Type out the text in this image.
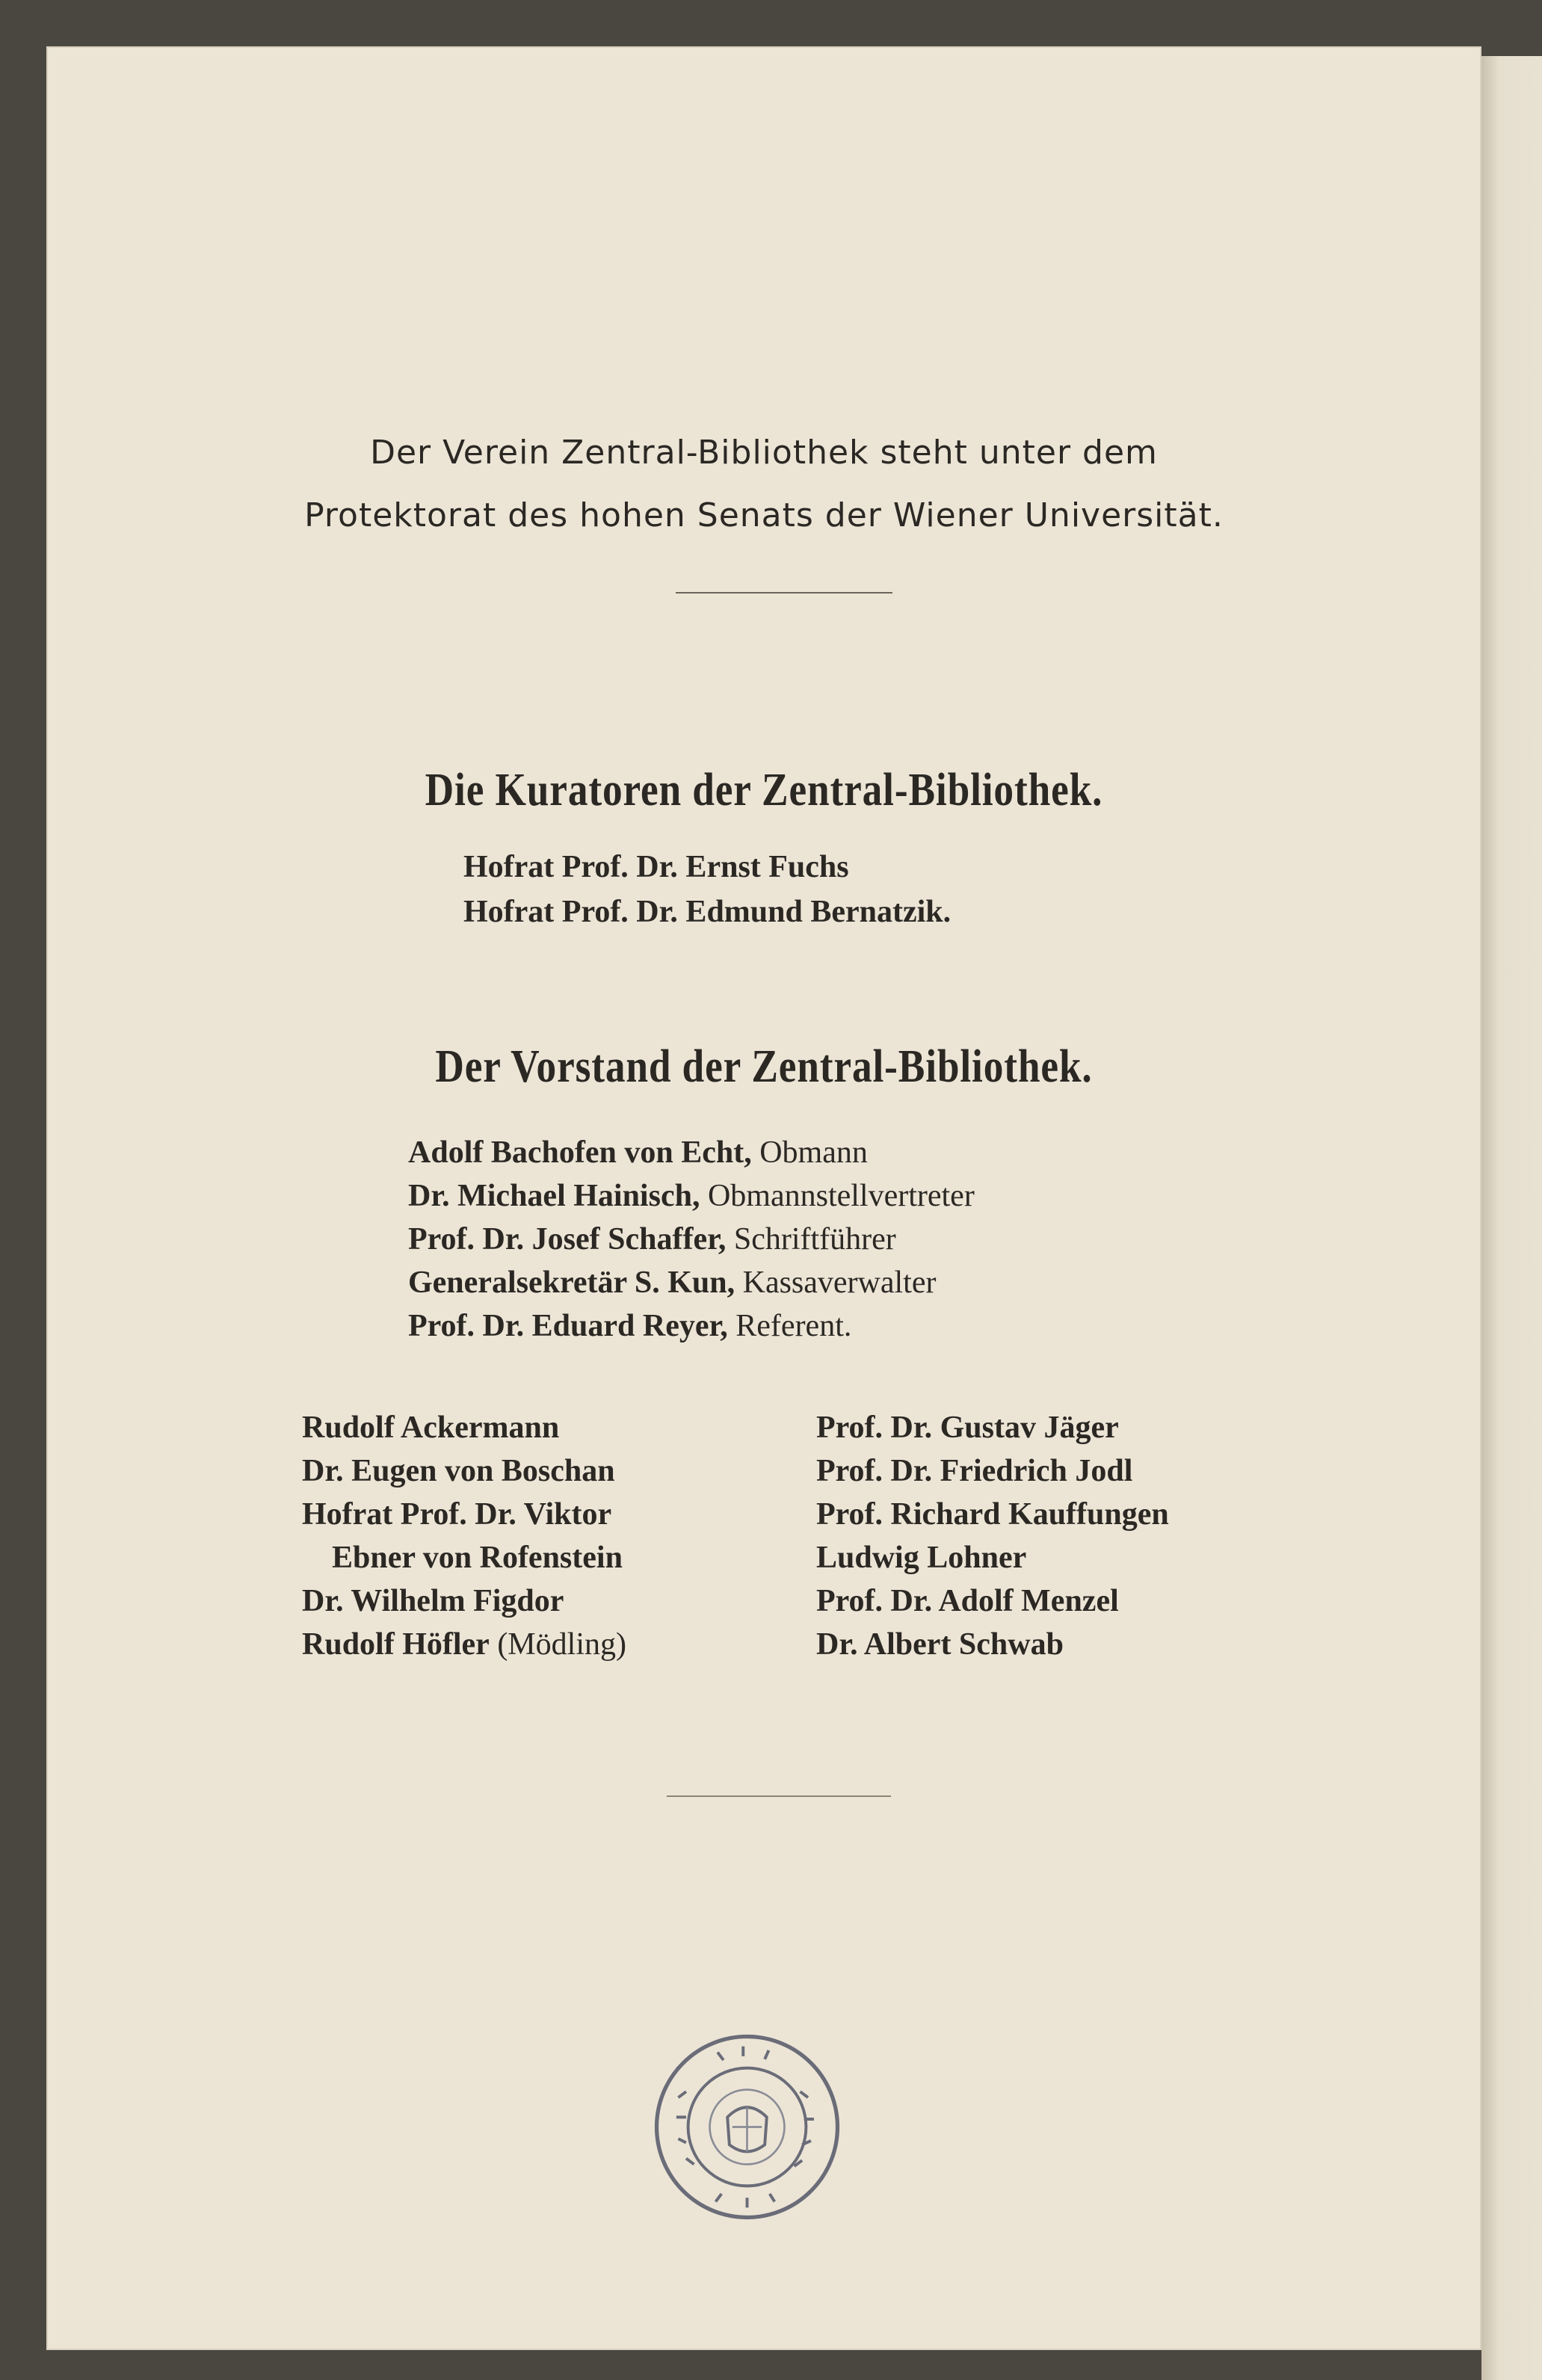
Der Verein Zentral-Bibliothek steht unter dem
Protektorat des hohen Senats der Wiener Universität.
Die Kuratoren der Zentral-Bibliothek.
Hofrat Prof. Dr. Ernst Fuchs
Hofrat Prof. Dr. Edmund Bernatzik.
Der Vorstand der Zentral-Bibliothek.
Adolf Bachofen von Echt, Obmann
Dr. Michael Hainisch, Obmannstellvertreter
Prof. Dr. Josef Schaffer, Schriftführer
Generalsekretär S. Kun, Kassaverwalter
Prof. Dr. Eduard Reyer, Referent.
Rudolf Ackermann
Dr. Eugen von Boschan
Hofrat Prof. Dr. Viktor
Ebner von Rofenstein
Dr. Wilhelm Figdor
Rudolf Höfler (Mödling)
Prof. Dr. Gustav Jäger
Prof. Dr. Friedrich Jodl
Prof. Richard Kauffungen
Ludwig Lohner
Prof. Dr. Adolf Menzel
Dr. Albert Schwab
